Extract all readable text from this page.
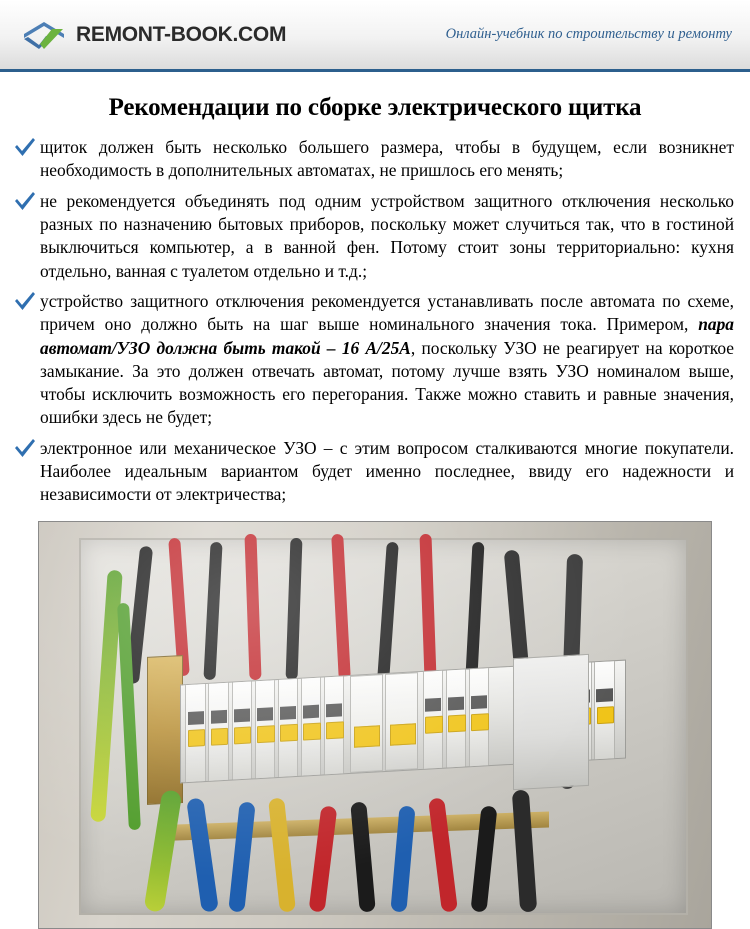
REMONT-BOOK.COM	Онлайн-учебник по строительству и ремонту
Рекомендации по сборке электрического щитка
щиток должен быть несколько большего размера, чтобы в будущем, если возникнет необходимость в дополнительных автоматах, не пришлось его менять;
не рекомендуется объединять под одним устройством защитного отключения несколько разных по назначению бытовых приборов, поскольку может случиться так, что в гостиной выключиться компьютер, а в ванной фен. Потому стоит зоны территориально: кухня отдельно, ванная с туалетом отдельно и т.д.;
устройство защитного отключения рекомендуется устанавливать после автомата по схеме, причем оно должно быть на шаг выше номинального значения тока. Примером, пара автомат/УЗО должна быть такой – 16 А/25А, поскольку УЗО не реагирует на короткое замыкание. За это должен отвечать автомат, потому лучше взять УЗО номиналом выше, чтобы исключить возможность его перегорания. Также можно ставить и равные значения, ошибки здесь не будет;
электронное или механическое УЗО – с этим вопросом сталкиваются многие покупатели. Наиболее идеальным вариантом будет именно последнее, ввиду его надежности и независимости от электричества;
